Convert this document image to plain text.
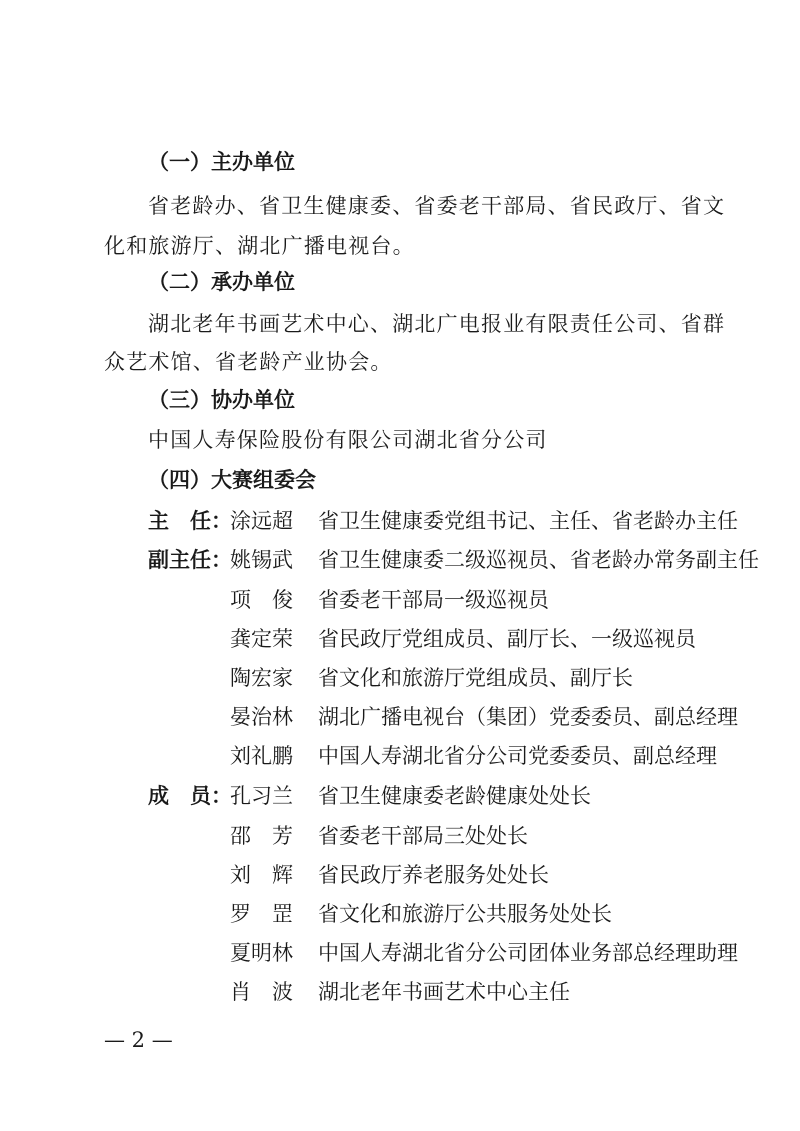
（一）主办单位
省老龄办、省卫生健康委、省委老干部局、省民政厅、省文
化和旅游厅、湖北广播电视台。
（二）承办单位
湖北老年书画艺术中心、湖北广电报业有限责任公司、省群
众艺术馆、省老龄产业协会。
（三）协办单位
中国人寿保险股份有限公司湖北省分公司
（四）大赛组委会
主　任：
涂远超 省卫生健康委党组书记、主任、省老龄办主任
副主任：
姚锡武 省卫生健康委二级巡视员、省老龄办常务副主任
项　俊 省委老干部局一级巡视员
龚定荣 省民政厅党组成员、副厅长、一级巡视员
陶宏家 省文化和旅游厅党组成员、副厅长
晏治林 湖北广播电视台（集团）党委委员、副总经理
刘礼鹏 中国人寿湖北省分公司党委委员、副总经理
成　员：
孔习兰 省卫生健康委老龄健康处处长
邵　芳 省委老干部局三处处长
刘　辉 省民政厅养老服务处处长
罗　罡 省文化和旅游厅公共服务处处长
夏明林 中国人寿湖北省分公司团体业务部总经理助理
肖　波 湖北老年书画艺术中心主任
— 2 —
